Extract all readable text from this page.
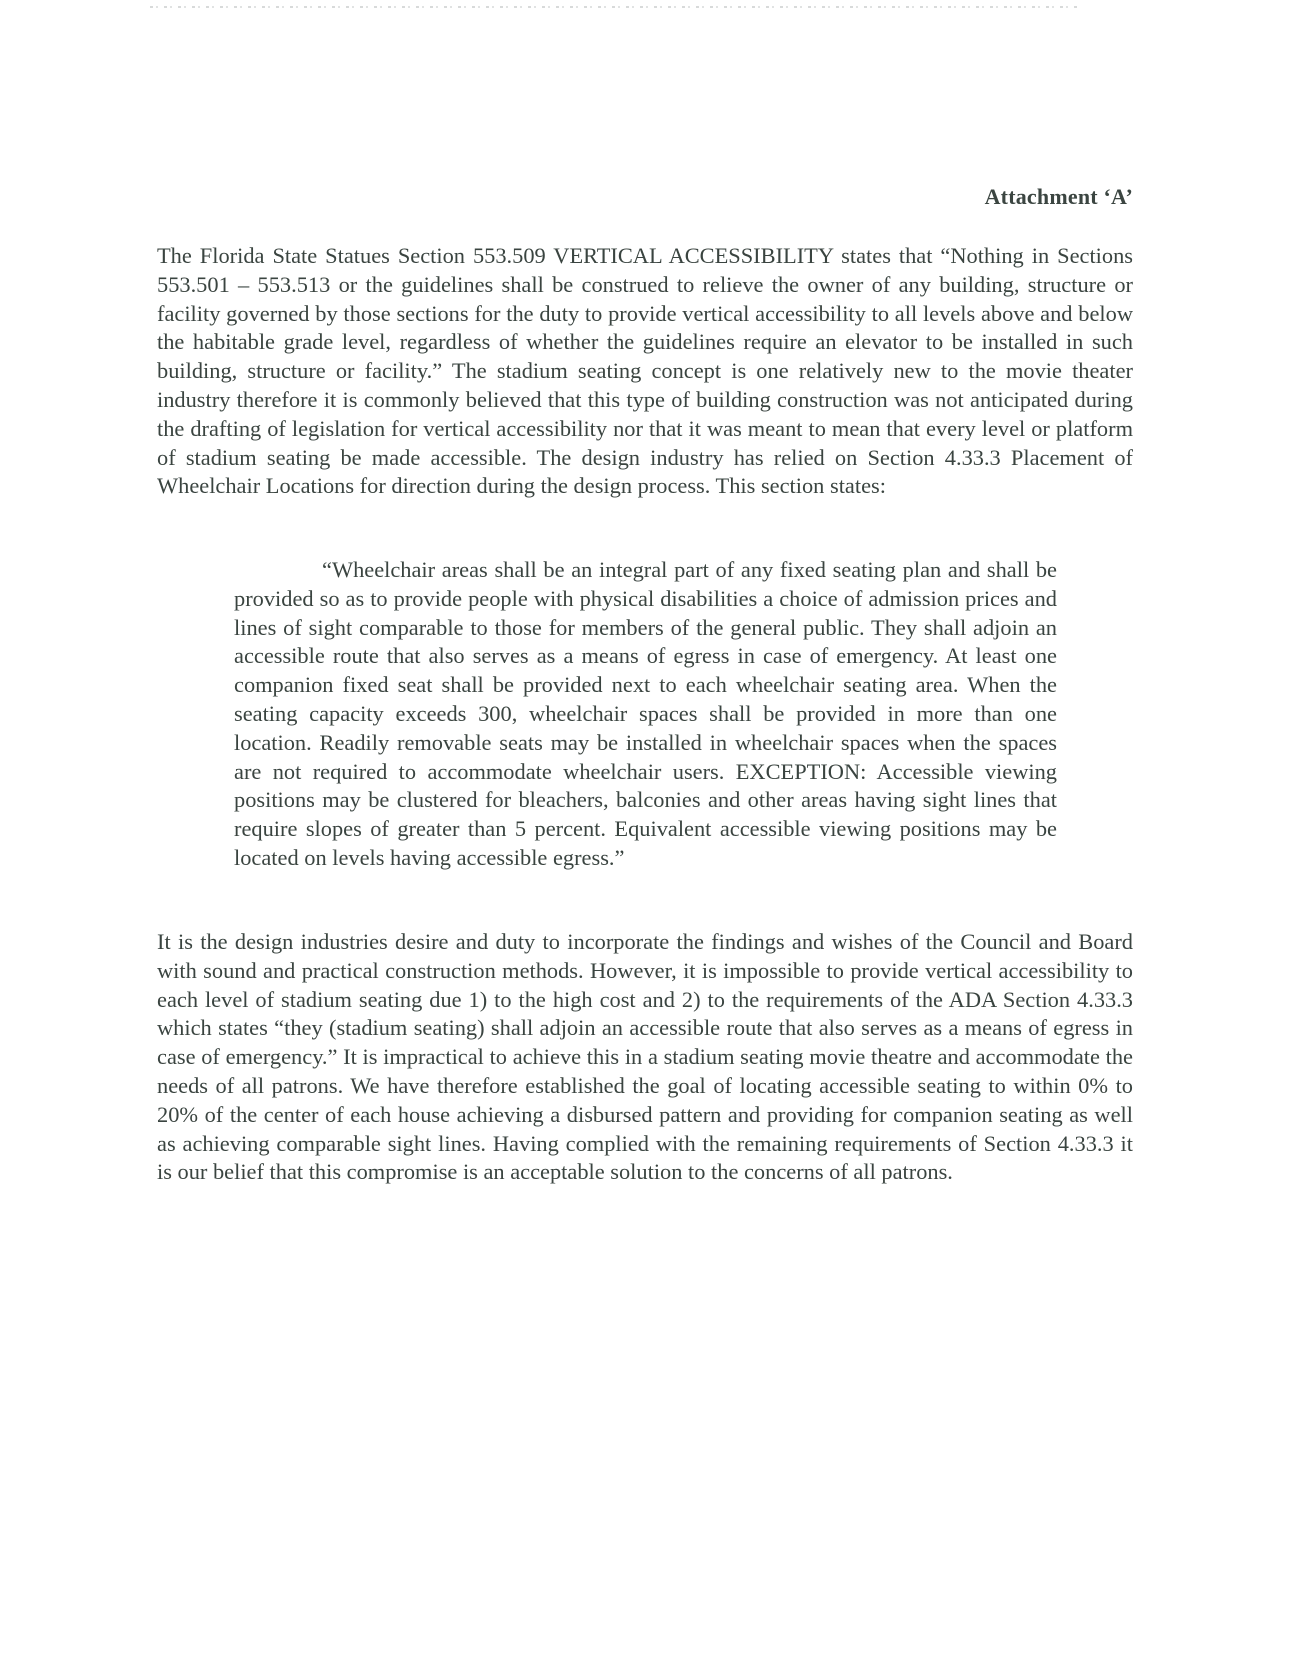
Attachment ‘A’

The Florida State Statues Section 553.509 VERTICAL ACCESSIBILITY states that “Nothing in Sections 553.501 – 553.513 or the guidelines shall be construed to relieve the owner of any building, structure or facility governed by those sections for the duty to provide vertical accessibility to all levels above and below the habitable grade level, regardless of whether the guidelines require an elevator to be installed in such building, structure or facility.” The stadium seating concept is one relatively new to the movie theater industry therefore it is commonly believed that this type of building construction was not anticipated during the drafting of legislation for vertical accessibility nor that it was meant to mean that every level or platform of stadium seating be made accessible. The design industry has relied on Section 4.33.3 Placement of Wheelchair Locations for direction during the design process. This section states:

“Wheelchair areas shall be an integral part of any fixed seating plan and shall be provided so as to provide people with physical disabilities a choice of admission prices and lines of sight comparable to those for members of the general public. They shall adjoin an accessible route that also serves as a means of egress in case of emergency. At least one companion fixed seat shall be provided next to each wheelchair seating area. When the seating capacity exceeds 300, wheelchair spaces shall be provided in more than one location. Readily removable seats may be installed in wheelchair spaces when the spaces are not required to accommodate wheelchair users. EXCEPTION: Accessible viewing positions may be clustered for bleachers, balconies and other areas having sight lines that require slopes of greater than 5 percent. Equivalent accessible viewing positions may be located on levels having accessible egress.”

It is the design industries desire and duty to incorporate the findings and wishes of the Council and Board with sound and practical construction methods. However, it is impossible to provide vertical accessibility to each level of stadium seating due 1) to the high cost and 2) to the requirements of the ADA Section 4.33.3 which states “they (stadium seating) shall adjoin an accessible route that also serves as a means of egress in case of emergency.” It is impractical to achieve this in a stadium seating movie theatre and accommodate the needs of all patrons. We have therefore established the goal of locating accessible seating to within 0% to 20% of the center of each house achieving a disbursed pattern and providing for companion seating as well as achieving comparable sight lines. Having complied with the remaining requirements of Section 4.33.3 it is our belief that this compromise is an acceptable solution to the concerns of all patrons.
